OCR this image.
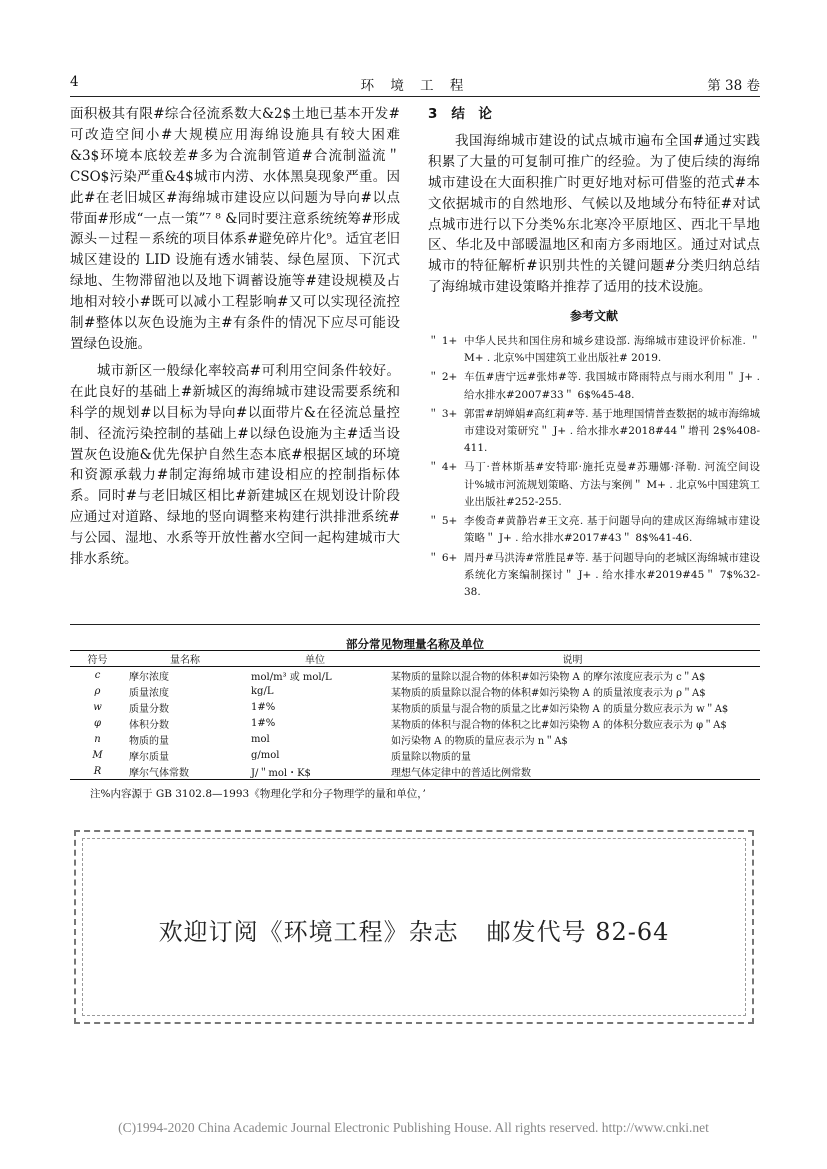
4	环 境 工 程	第 38 卷

面积极其有限#综合径流系数大&2$土地已基本开发#可改造空间小#大规模应用海绵设施具有较大困难&3$环境本底较差#多为合流制管道#合流制溢流＂CSO$污染严重&4$城市内涝、水体黑臭现象严重。因此#在老旧城区#海绵城市建设应以问题为导向#以点带面#形成“一点一策”⁷ ⁸ &同时要注意系统统筹#形成源头－过程－系统的项目体系#避免碎片化⁹。适宜老旧城区建设的 LID 设施有透水铺装、绿色屋顶、下沉式绿地、生物滞留池以及地下调蓄设施等#建设规模及占地相对较小#既可以减小工程影响#又可以实现径流控制#整体以灰色设施为主#有条件的情况下应尽可能设置绿色设施。

城市新区一般绿化率较高#可利用空间条件较好。在此良好的基础上#新城区的海绵城市建设需要系统和科学的规划#以目标为导向#以面带片&在径流总量控制、径流污染控制的基础上#以绿色设施为主#适当设置灰色设施&优先保护自然生态本底#根据区域的环境和资源承载力#制定海绵城市建设相应的控制指标体系。同时#与老旧城区相比#新建城区在规划设计阶段应通过对道路、绿地的竖向调整来构建行洪排泄系统#与公园、湿地、水系等开放性蓄水空间一起构建城市大排水系统。

3 结　论

我国海绵城市建设的试点城市遍布全国#通过实践积累了大量的可复制可推广的经验。为了使后续的海绵城市建设在大面积推广时更好地对标可借鉴的范式#本文依据城市的自然地形、气候以及地域分布特征#对试点城市进行以下分类%东北寒冷平原地区、西北干旱地区、华北及中部暖温地区和南方多雨地区。通过对试点城市的特征解析#识别共性的关键问题#分类归纳总结了海绵城市建设策略并推荐了适用的技术设施。

参考文献
＂ 1+ 中华人民共和国住房和城乡建设部. 海绵城市建设评价标准. ＂ M+ . 北京%中国建筑工业出版社# 2019.
＂ 2+ 车伍#唐宁远#张炜#等. 我国城市降雨特点与雨水利用＂ J+ . 给水排水#2007#33＂ 6$%45-48.
＂ 3+ 郭雷#胡婵娟#高红莉#等. 基于地理国情普查数据的城市海绵城市建设对策研究＂ J+ . 给水排水#2018#44＂增刊 2$%408-411.
＂ 4+ 马丁·普林斯基#安特耶·施托克曼#苏珊娜·泽勒. 河流空间设计%城市河流规划策略、方法与案例＂ M+ . 北京%中国建筑工业出版社#252-255.
＂ 5+ 李俊奇#黄静岩#王文亮. 基于问题导向的建成区海绵城市建设策略＂ J+ . 给水排水#2017#43＂ 8$%41-46.
＂ 6+ 周丹#马洪涛#常胜昆#等. 基于问题导向的老城区海绵城市建设系统化方案编制探讨＂ J+ . 给水排水#2019#45＂ 7$%32-38.
部分常见物理量名称及单位
符号	量名称	单位	说明
c	摩尔浓度	mol/m³ 或 mol/L	某物质的量除以混合物的体积#如污染物 A 的摩尔浓度应表示为 c＂A$
ρ	质量浓度	kg/L	某物质的质量除以混合物的体积#如污染物 A 的质量浓度表示为 ρ＂A$
w	质量分数	1#%	某物质的质量与混合物的质量之比#如污染物 A 的质量分数应表示为 w＂A$
φ	体积分数	1#%	某物质的体积与混合物的体积之比#如污染物 A 的体积分数应表示为 φ＂A$
n	物质的量	mol	如污染物 A 的物质的量应表示为 n＂A$
M	摩尔质量	g/mol	质量除以物质的量
R	摩尔气体常数	J/＂mol・K$	理想气体定律中的普适比例常数
注%内容源于 GB 3102.8—1993《物理化学和分子物理学的量和单位，’
欢迎订阅《环境工程》杂志 邮发代号 82-64
(C)1994-2020 China Academic Journal Electronic Publishing House. All rights reserved. http://www.cnki.net
